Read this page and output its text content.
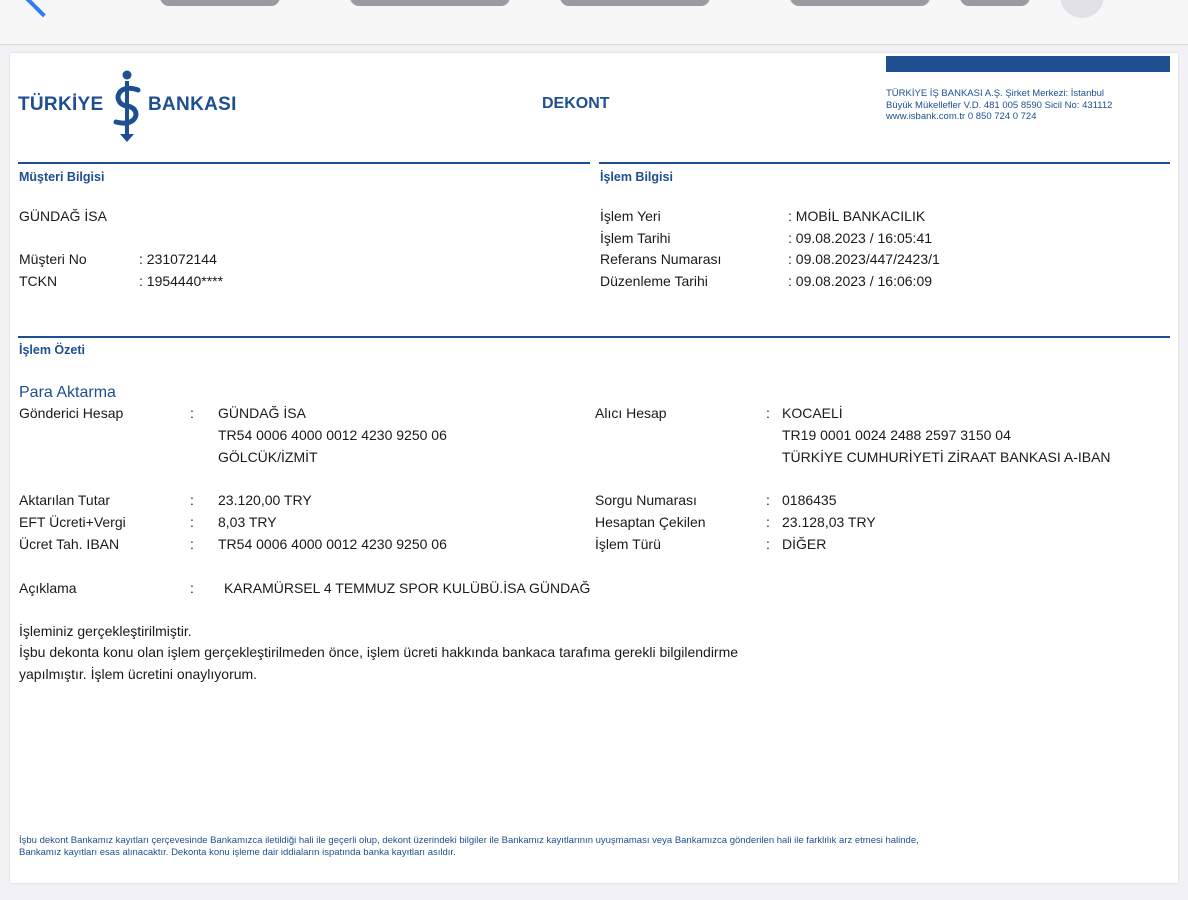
TÜRKİYE BANKASI	DEKONT
TÜRKİYE İŞ BANKASI A.Ş. Şirket Merkezi: İstanbul
Büyük Mükellefler V.D. 481 005 8590 Sicil No: 431112
www.isbank.com.tr 0 850 724 0 724
Müşteri Bilgisi
GÜNDAĞ İSA
Müşteri No	: 231072144
TCKN	: 1954440****
İşlem Bilgisi
İşlem Yeri	: MOBİL BANKACILIK
İşlem Tarihi	: 09.08.2023 / 16:05:41
Referans Numarası	: 09.08.2023/447/2423/1
Düzenleme Tarihi	: 09.08.2023 / 16:06:09
İşlem Özeti
Para Aktarma
Gönderici Hesap	: GÜNDAĞ İSA
TR54 0006 4000 0012 4230 9250 06
GÖLCÜK/İZMİT
Alıcı Hesap	: KOCAELİ
TR19 0001 0024 2488 2597 3150 04
TÜRKİYE CUMHURİYETİ ZİRAAT BANKASI A-IBAN
Aktarılan Tutar	: 23.120,00 TRY
EFT Ücreti+Vergi	: 8,03 TRY
Ücret Tah. IBAN	: TR54 0006 4000 0012 4230 9250 06
Sorgu Numarası	: 0186435
Hesaptan Çekilen	: 23.128,03 TRY
İşlem Türü	: DİĞER
Açıklama	: KARAMÜRSEL 4 TEMMUZ SPOR KULÜBÜ.İSA GÜNDAĞ
İşleminiz gerçekleştirilmiştir.
İşbu dekonta konu olan işlem gerçekleştirilmeden önce, işlem ücreti hakkında bankaca tarafıma gerekli bilgilendirme
yapılmıştır. İşlem ücretini onaylıyorum.
İşbu dekont Bankamız kayıtları çerçevesinde Bankamızca iletildiği hali ile geçerli olup, dekont üzerindeki bilgiler ile Bankamız kayıtlarının uyuşmaması veya Bankamızca gönderilen hali ile farklılık arz etmesi halinde,
Bankamız kayıtları esas alınacaktır. Dekonta konu işleme dair iddiaların ispatında banka kayıtları asıldır.
